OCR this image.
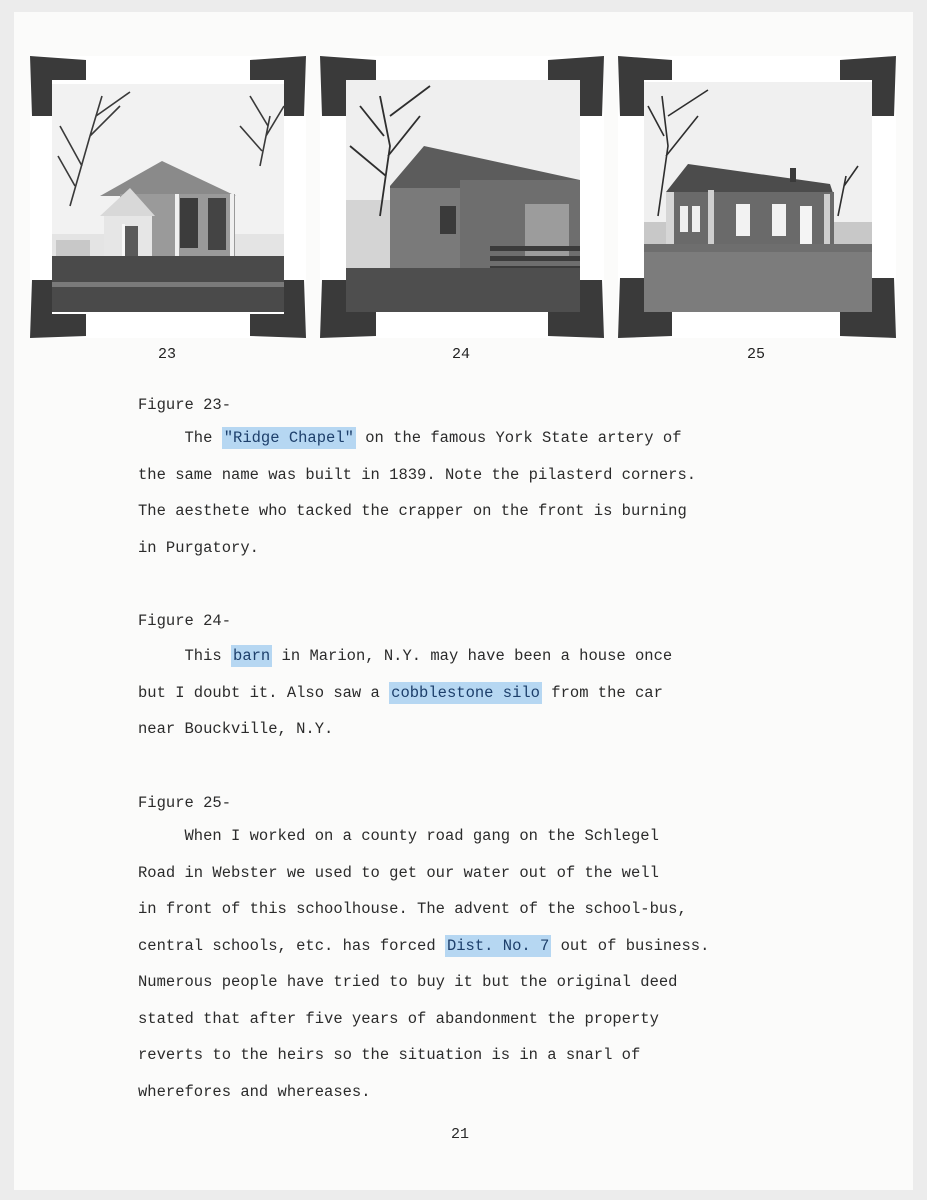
23	24	25
Figure 23-
The "Ridge Chapel" on the famous York State artery of
the same name was built in 1839. Note the pilasterd corners.
The aesthete who tacked the crapper on the front is burning
in Purgatory.
Figure 24-
This barn in Marion, N.Y. may have been a house once
but I doubt it. Also saw a cobblestone silo from the car
near Bouckville, N.Y.
Figure 25-
When I worked on a county road gang on the Schlegel
Road in Webster we used to get our water out of the well
in front of this schoolhouse. The advent of the school-bus,
central schools, etc. has forced Dist. No. 7 out of business.
Numerous people have tried to buy it but the original deed
stated that after five years of abandonment the property
reverts to the heirs so the situation is in a snarl of
wherefores and whereases.
21
